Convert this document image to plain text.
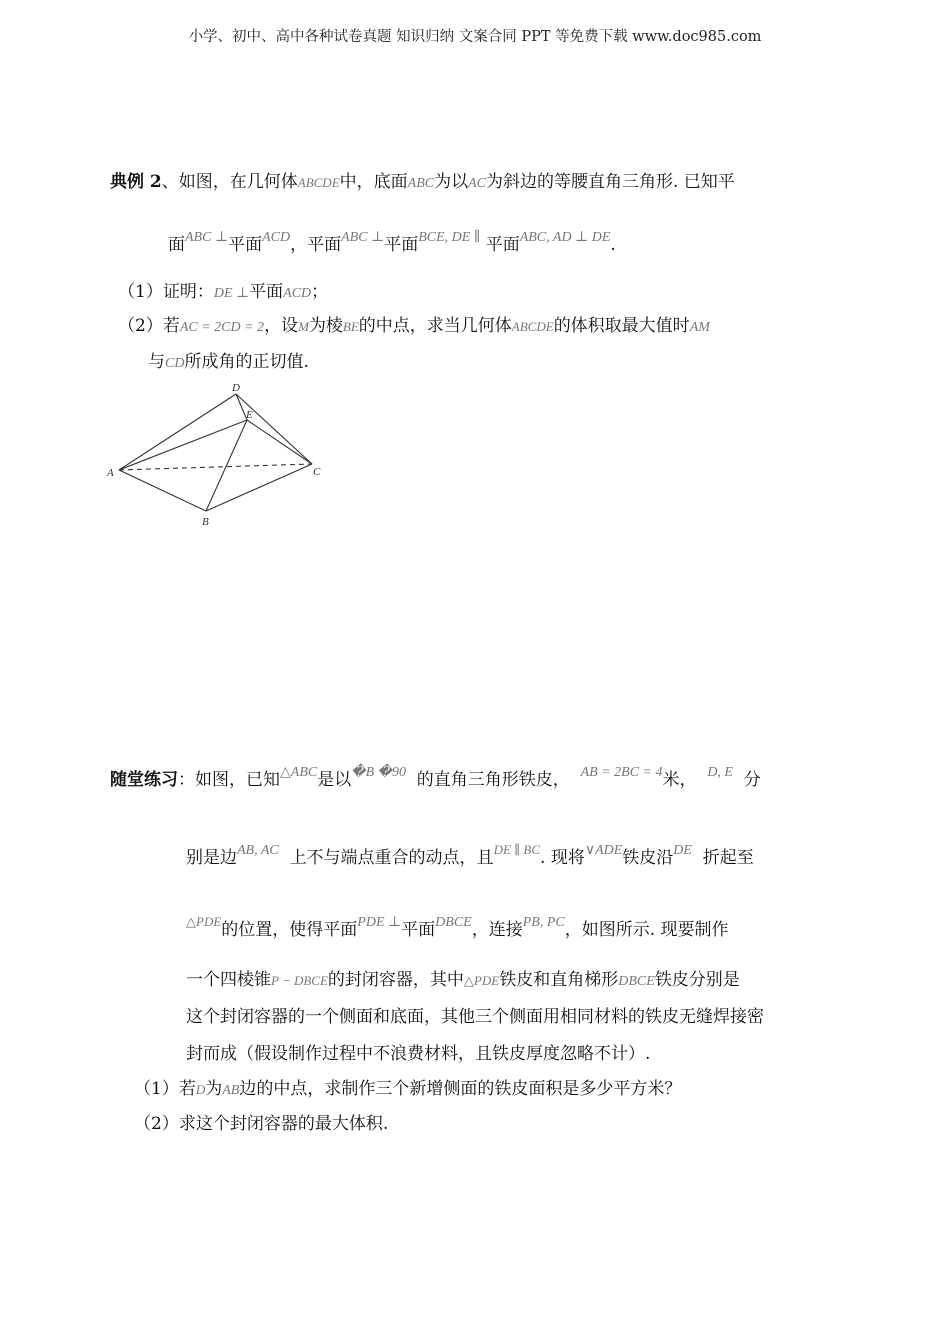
小学、初中、高中各种试卷真题 知识归纳 文案合同 PPT 等免费下载 www.doc985.com
典例 2、如图，在几何体ABCDE中，底面ABC为以AC为斜边的等腰直角三角形. 已知平
面$^{ABC \perp}$平面$^{ACD}$，平面$^{ABC \perp}$平面$^{BCE, DE \parallel}$ 平面$^{ABC, AD \perp DE}$.
（1）证明：DE ⊥平面ACD；
（2）若AC = 2CD = 2，设M为棱BE的中点，求当几何体ABCDE的体积取最大值时AM
与CD所成角的正切值.
A
B
C
D
E
随堂练习：如图，已知$^{\triangle ABC}$是以$^{�B �90}$ 的直角三角形铁皮， $^{AB = 2BC = 4}$米， $^{D, E}$ 分
别是边$^{AB, AC}$ 上不与端点重合的动点，且$^{DE \parallel BC}$. 现将$^{\vee ADE}$铁皮沿$^{DE}$ 折起至
$^{\triangle PDE}$的位置，使得平面$^{PDE \perp}$平面$^{DBCE}$，连接$^{PB, PC}$，如图所示. 现要制作
一个四棱锥P − DBCE的封闭容器，其中△PDE铁皮和直角梯形DBCE铁皮分别是
这个封闭容器的一个侧面和底面，其他三个侧面用相同材料的铁皮无缝焊接密
封而成（假设制作过程中不浪费材料，且铁皮厚度忽略不计）.
（1）若D为AB边的中点，求制作三个新增侧面的铁皮面积是多少平方米？
（2）求这个封闭容器的最大体积.
